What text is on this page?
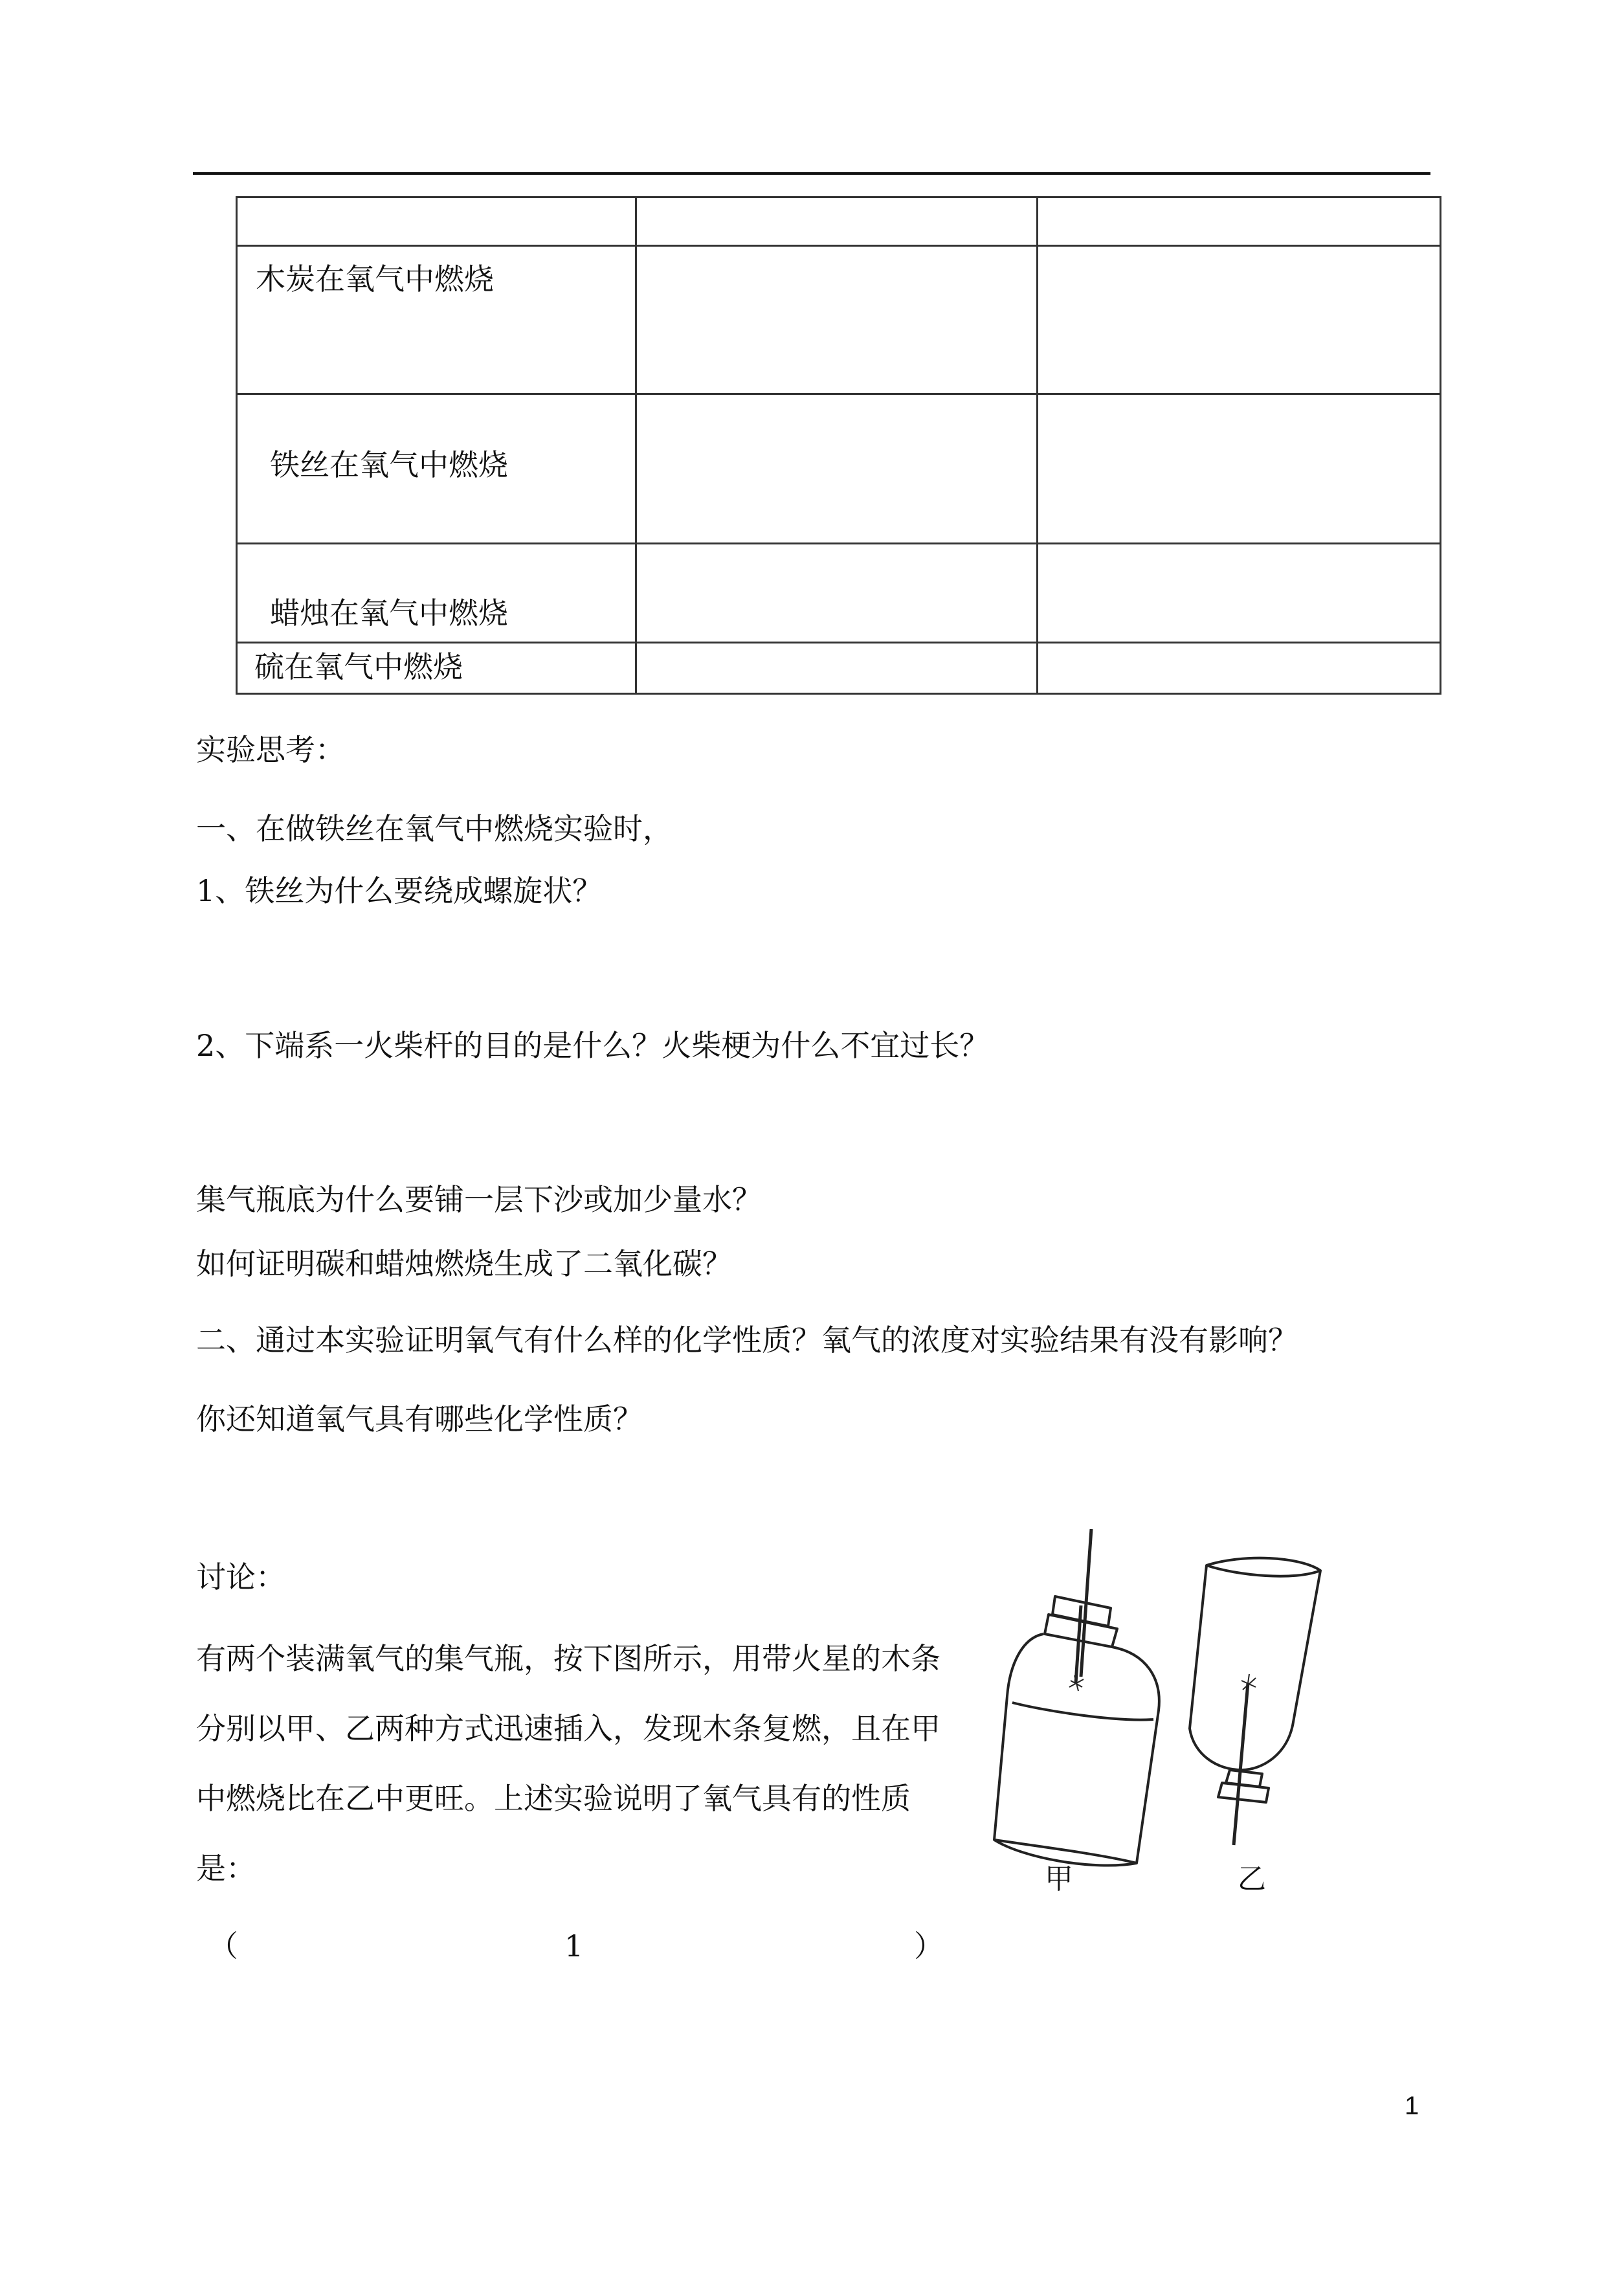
木炭在氧气中燃烧		

铁丝在氧气中燃烧		

蜡烛在氧气中燃烧		

硫在氧气中燃烧		

实验思考：
一、在做铁丝在氧气中燃烧实验时，
1、铁丝为什么要绕成螺旋状？
2、下端系一火柴杆的目的是什么？火柴梗为什么不宜过长？
集气瓶底为什么要铺一层下沙或加少量水？
如何证明碳和蜡烛燃烧生成了二氧化碳？
二、通过本实验证明氧气有什么样的化学性质？氧气的浓度对实验结果有没有影响？
你还知道氧气具有哪些化学性质？
讨论：
有两个装满氧气的集气瓶，按下图所示，用带火星的木条分别以甲、乙两种方式迅速插入，发现木条复燃，且在甲中燃烧比在乙中更旺。上述实验说明了氧气具有的性质是：
（	1	）
甲	乙
1
